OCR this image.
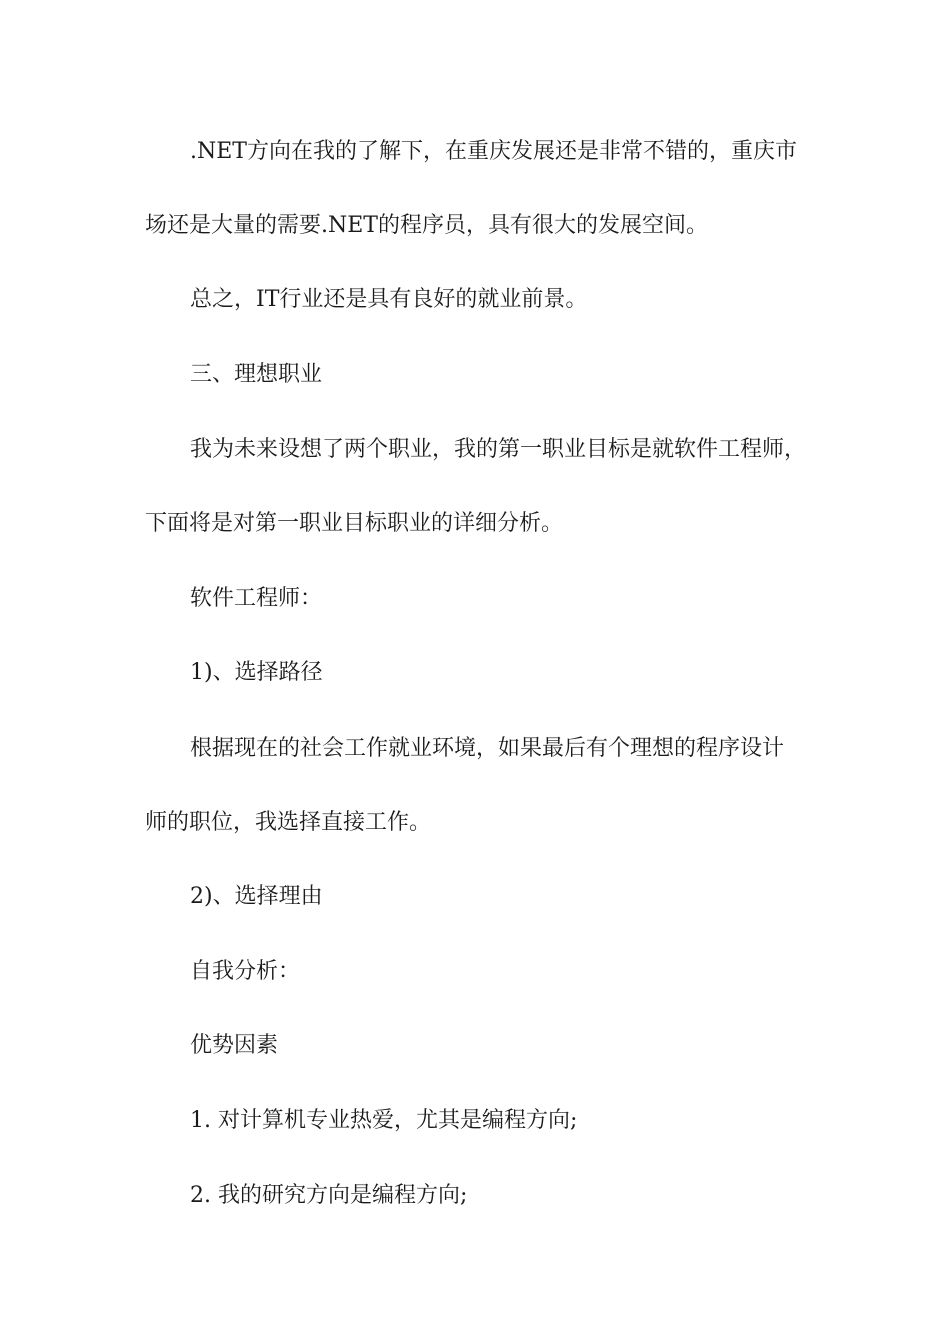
.NET方向在我的了解下，在重庆发展还是非常不错的，重庆市

场还是大量的需要.NET的程序员，具有很大的发展空间。

总之，IT行业还是具有良好的就业前景。

三、理想职业

我为未来设想了两个职业，我的第一职业目标是就软件工程师，

下面将是对第一职业目标职业的详细分析。

软件工程师：

1)、选择路径

根据现在的社会工作就业环境，如果最后有个理想的程序设计

师的职位，我选择直接工作。

2)、选择理由

自我分析：

优势因素

1. 对计算机专业热爱，尤其是编程方向;

2. 我的研究方向是编程方向;
